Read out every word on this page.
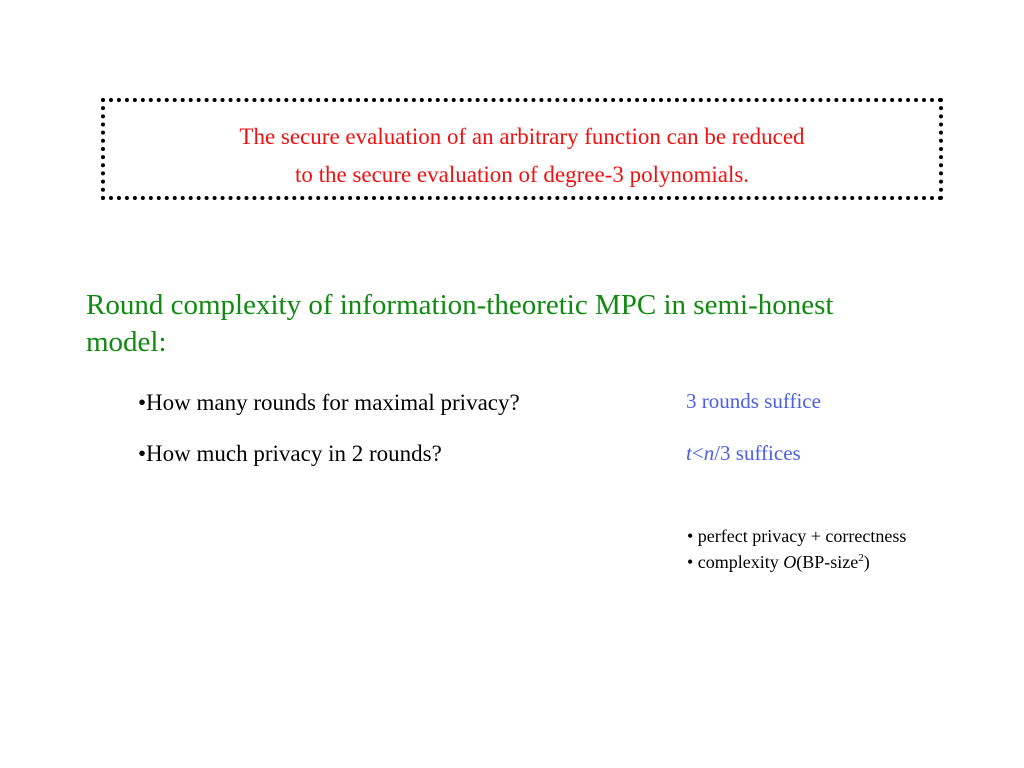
The secure evaluation of an arbitrary function can be reduced
to the secure evaluation of degree-3 polynomials.
Round complexity of information-theoretic MPC in semi-honest model:
•How many rounds for maximal privacy?	3 rounds suffice
•How much privacy in 2 rounds?	t<n/3 suffices
• perfect privacy + correctness
• complexity O(BP-size$^2$)
